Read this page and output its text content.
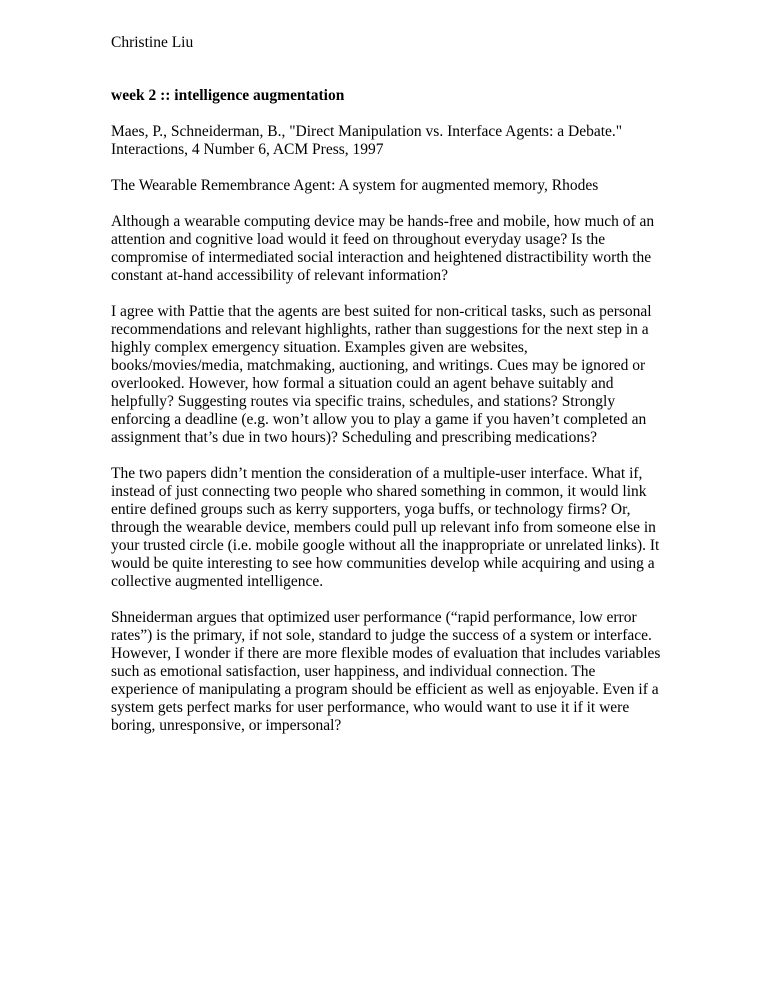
Christine Liu

week 2 :: intelligence augmentation

Maes, P., Schneiderman, B., "Direct Manipulation vs. Interface Agents: a Debate." Interactions, 4 Number 6, ACM Press, 1997

The Wearable Remembrance Agent: A system for augmented memory, Rhodes

Although a wearable computing device may be hands-free and mobile, how much of an attention and cognitive load would it feed on throughout everyday usage? Is the compromise of intermediated social interaction and heightened distractibility worth the constant at-hand accessibility of relevant information?

I agree with Pattie that the agents are best suited for non-critical tasks, such as personal recommendations and relevant highlights, rather than suggestions for the next step in a highly complex emergency situation. Examples given are websites, books/movies/media, matchmaking, auctioning, and writings. Cues may be ignored or overlooked. However, how formal a situation could an agent behave suitably and helpfully? Suggesting routes via specific trains, schedules, and stations? Strongly enforcing a deadline (e.g. won’t allow you to play a game if you haven’t completed an assignment that’s due in two hours)? Scheduling and prescribing medications?

The two papers didn’t mention the consideration of a multiple-user interface. What if, instead of just connecting two people who shared something in common, it would link entire defined groups such as kerry supporters, yoga buffs, or technology firms? Or, through the wearable device, members could pull up relevant info from someone else in your trusted circle (i.e. mobile google without all the inappropriate or unrelated links). It would be quite interesting to see how communities develop while acquiring and using a collective augmented intelligence.

Shneiderman argues that optimized user performance (“rapid performance, low error rates”) is the primary, if not sole, standard to judge the success of a system or interface. However, I wonder if there are more flexible modes of evaluation that includes variables such as emotional satisfaction, user happiness, and individual connection. The experience of manipulating a program should be efficient as well as enjoyable. Even if a system gets perfect marks for user performance, who would want to use it if it were boring, unresponsive, or impersonal?
